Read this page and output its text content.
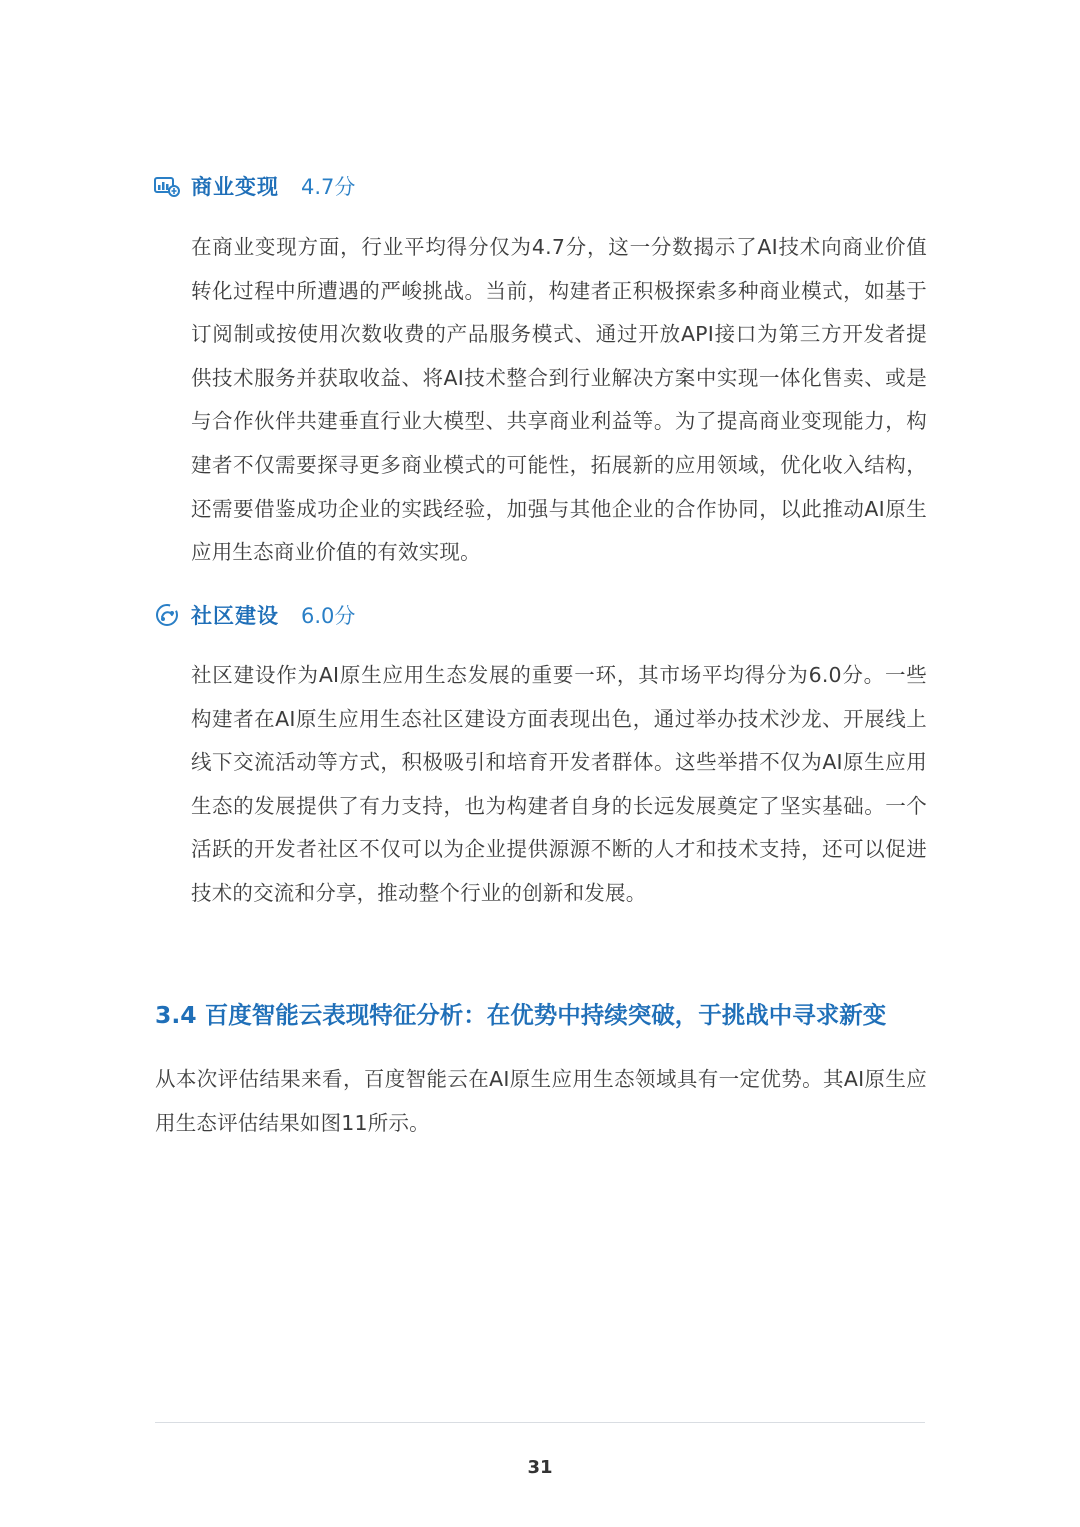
商业变现 4.7分

在商业变现方面，行业平均得分仅为4.7分，这一分数揭示了AI技术向商业价值转化过程中所遭遇的严峻挑战。当前，构建者正积极探索多种商业模式，如基于订阅制或按使用次数收费的产品服务模式、通过开放API接口为第三方开发者提供技术服务并获取收益、将AI技术整合到行业解决方案中实现一体化售卖、或是与合作伙伴共建垂直行业大模型、共享商业利益等。为了提高商业变现能力，构建者不仅需要探寻更多商业模式的可能性，拓展新的应用领域，优化收入结构，还需要借鉴成功企业的实践经验，加强与其他企业的合作协同，以此推动AI原生应用生态商业价值的有效实现。

社区建设 6.0分

社区建设作为AI原生应用生态发展的重要一环，其市场平均得分为6.0分。一些构建者在AI原生应用生态社区建设方面表现出色，通过举办技术沙龙、开展线上线下交流活动等方式，积极吸引和培育开发者群体。这些举措不仅为AI原生应用生态的发展提供了有力支持，也为构建者自身的长远发展奠定了坚实基础。一个活跃的开发者社区不仅可以为企业提供源源不断的人才和技术支持，还可以促进技术的交流和分享，推动整个行业的创新和发展。

3.4 百度智能云表现特征分析：在优势中持续突破，于挑战中寻求新变

从本次评估结果来看，百度智能云在AI原生应用生态领域具有一定优势。其AI原生应用生态评估结果如图11所示。

31
